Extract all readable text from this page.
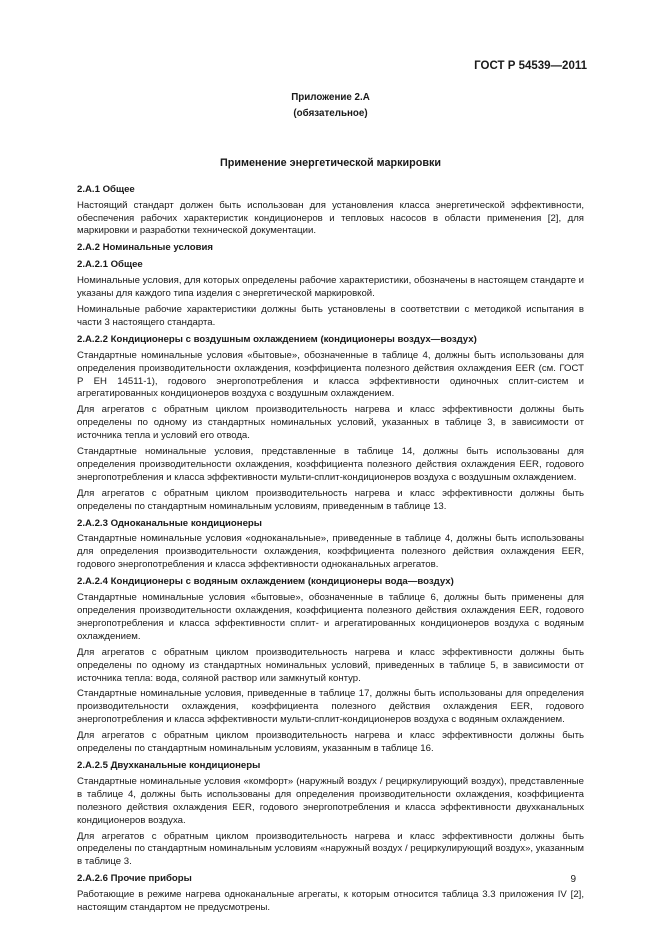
ГОСТ Р 54539—2011
Приложение 2.А
(обязательное)
Применение энергетической маркировки
2.А.1 Общее
Настоящий стандарт должен быть использован для установления класса энергетической эффективности, обеспечения рабочих характеристик кондиционеров и тепловых насосов в области применения [2], для маркировки и разработки технической документации.
2.А.2 Номинальные условия
2.А.2.1 Общее
Номинальные условия, для которых определены рабочие характеристики, обозначены в настоящем стандарте и указаны для каждого типа изделия с энергетической маркировкой.
Номинальные рабочие характеристики должны быть установлены в соответствии с методикой испытания в части 3 настоящего стандарта.
2.А.2.2 Кондиционеры с воздушным охлаждением (кондиционеры воздух—воздух)
Стандартные номинальные условия «бытовые», обозначенные в таблице 4, должны быть использованы для определения производительности охлаждения, коэффициента полезного действия охлаждения EER (см. ГОСТ Р ЕН 14511-1), годового энергопотребления и класса эффективности одиночных сплит-систем и агрегатированных кондиционеров воздуха с воздушным охлаждением.
Для агрегатов с обратным циклом производительность нагрева и класс эффективности должны быть определены по одному из стандартных номинальных условий, указанных в таблице 3, в зависимости от источника тепла и условий его отвода.
Стандартные номинальные условия, представленные в таблице 14, должны быть использованы для определения производительности охлаждения, коэффициента полезного действия охлаждения EER, годового энергопотребления и класса эффективности мульти-сплит-кондиционеров воздуха с воздушным охлаждением.
Для агрегатов с обратным циклом производительность нагрева и класс эффективности должны быть определены по стандартным номинальным условиям, приведенным в таблице 13.
2.А.2.3 Одноканальные кондиционеры
Стандартные номинальные условия «одноканальные», приведенные в таблице 4, должны быть использованы для определения производительности охлаждения, коэффициента полезного действия охлаждения EER, годового энергопотребления и класса эффективности одноканальных агрегатов.
2.А.2.4 Кондиционеры с водяным охлаждением (кондиционеры вода—воздух)
Стандартные номинальные условия «бытовые», обозначенные в таблице 6, должны быть применены для определения производительности охлаждения, коэффициента полезного действия охлаждения EER, годового энергопотребления и класса эффективности сплит- и агрегатированных кондиционеров воздуха с водяным охлаждением.
Для агрегатов с обратным циклом производительность нагрева и класс эффективности должны быть определены по одному из стандартных номинальных условий, приведенных в таблице 5, в зависимости от источника тепла: вода, соляной раствор или замкнутый контур.
Стандартные номинальные условия, приведенные в таблице 17, должны быть использованы для определения производительности охлаждения, коэффициента полезного действия охлаждения EER, годового энергопотребления и класса эффективности мульти-сплит-кондиционеров воздуха с водяным охлаждением.
Для агрегатов с обратным циклом производительность нагрева и класс эффективности должны быть определены по стандартным номинальным условиям, указанным в таблице 16.
2.А.2.5 Двухканальные кондиционеры
Стандартные номинальные условия «комфорт» (наружный воздух / рециркулирующий воздух), представленные в таблице 4, должны быть использованы для определения производительности охлаждения, коэффициента полезного действия охлаждения EER, годового энергопотребления и класса эффективности двухканальных кондиционеров воздуха.
Для агрегатов с обратным циклом производительность нагрева и класс эффективности должны быть определены по стандартным номинальным условиям «наружный воздух / рециркулирующий воздух», указанным в таблице 3.
2.А.2.6 Прочие приборы
Работающие в режиме нагрева одноканальные агрегаты, к которым относится таблица 3.3 приложения IV [2], настоящим стандартом не предусмотрены.
9
